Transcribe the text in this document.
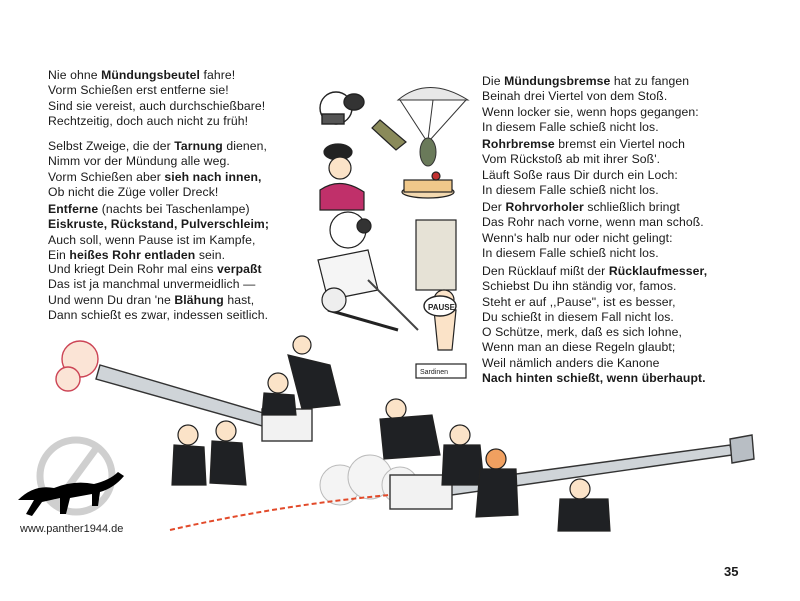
Nie ohne Mündungsbeutel fahre!
Vorm Schießen erst entferne sie!
Sind sie vereist, auch durchschießbare!
Rechtzeitig, doch auch nicht zu früh!
Selbst Zweige, die der Tarnung dienen,
Nimm vor der Mündung alle weg.
Vorm Schießen aber sieh nach innen,
Ob nicht die Züge voller Dreck!
Entferne (nachts bei Taschenlampe)
Eiskruste, Rückstand, Pulverschleim;
Auch soll, wenn Pause ist im Kampfe,
Ein heißes Rohr entladen sein.
Und kriegt Dein Rohr mal eins verpaßt
Das ist ja manchmal unvermeidlich —
Und wenn Du dran 'ne Blähung hast,
Dann schießt es zwar, indessen seitlich.
Die Mündungsbremse hat zu fangen
Beinah drei Viertel von dem Stoß.
Wenn locker sie, wenn hops gegangen:
In diesem Falle schieß nicht los.
Rohrbremse bremst ein Viertel noch
Vom Rückstoß ab mit ihrer Soß'.
Läuft Soße raus Dir durch ein Loch:
In diesem Falle schieß nicht los.
Der Rohrvorholer schließlich bringt
Das Rohr nach vorne, wenn man schoß.
Wenn's halb nur oder nicht gelingt:
In diesem Falle schieß nicht los.
Den Rücklauf mißt der Rücklaufmesser,
Schiebst Du ihn ständig vor, famos.
Steht er auf ,,Pause", ist es besser,
Du schießt in diesem Fall nicht los.
O Schütze, merk, daß es sich lohne,
Wenn man an diese Regeln glaubt;
Weil nämlich anders die Kanone
Nach hinten schießt, wenn überhaupt.
PAUSE
Sardinen
www.panther1944.de
35
